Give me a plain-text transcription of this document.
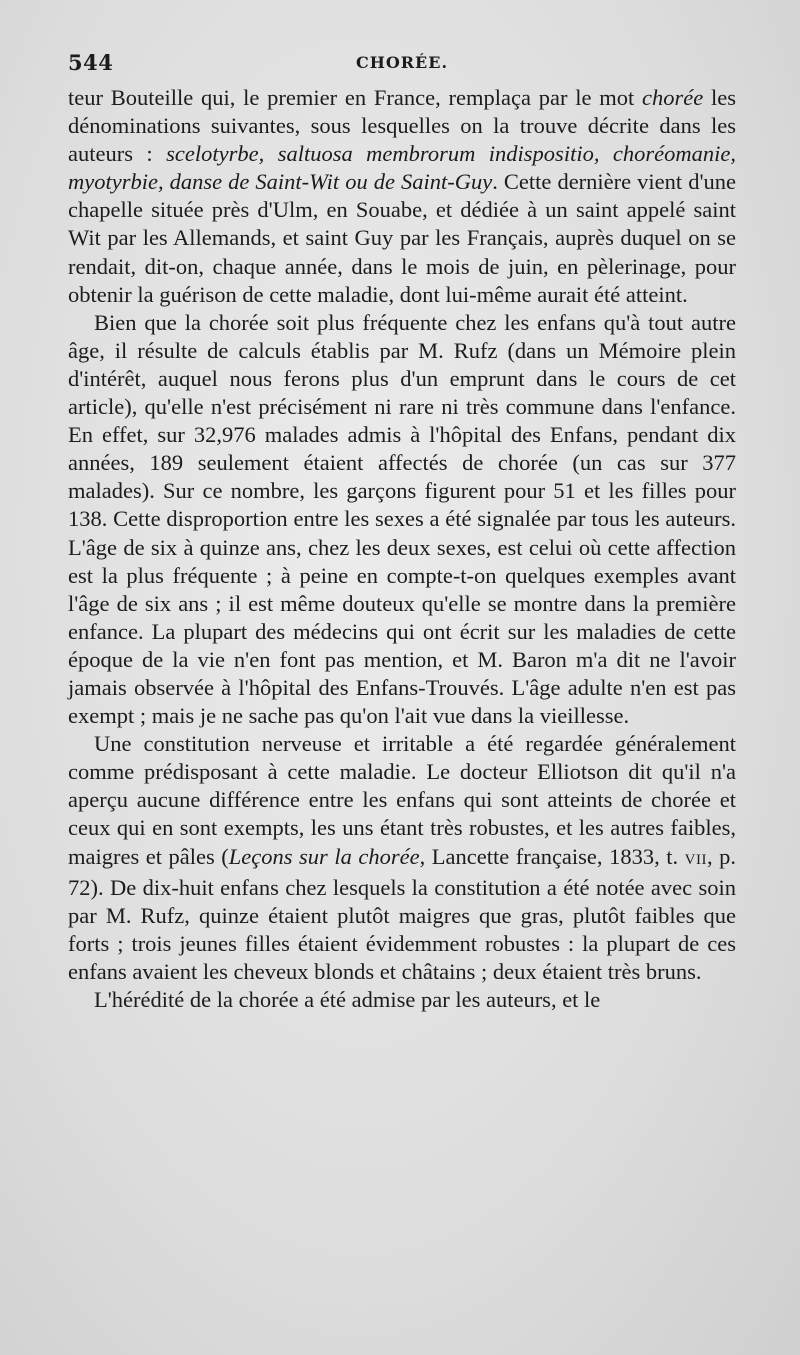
544	CHORÉE.

teur Bouteille qui, le premier en France, remplaça par le mot chorée les dénominations suivantes, sous lesquelles on la trouve décrite dans les auteurs : scelotyrbe, saltuosa membrorum indispositio, choréomanie, myotyrbie, danse de Saint-Wit ou de Saint-Guy. Cette dernière vient d'une chapelle située près d'Ulm, en Souabe, et dédiée à un saint appelé saint Wit par les Allemands, et saint Guy par les Français, auprès duquel on se rendait, dit-on, chaque année, dans le mois de juin, en pèlerinage, pour obtenir la guérison de cette maladie, dont lui-même aurait été atteint.

Bien que la chorée soit plus fréquente chez les enfans qu'à tout autre âge, il résulte de calculs établis par M. Rufz (dans un Mémoire plein d'intérêt, auquel nous ferons plus d'un emprunt dans le cours de cet article), qu'elle n'est précisément ni rare ni très commune dans l'enfance. En effet, sur 32,976 malades admis à l'hôpital des Enfans, pendant dix années, 189 seulement étaient affectés de chorée (un cas sur 377 malades). Sur ce nombre, les garçons figurent pour 51 et les filles pour 138. Cette disproportion entre les sexes a été signalée par tous les auteurs. L'âge de six à quinze ans, chez les deux sexes, est celui où cette affection est la plus fréquente ; à peine en compte-t-on quelques exemples avant l'âge de six ans ; il est même douteux qu'elle se montre dans la première enfance. La plupart des médecins qui ont écrit sur les maladies de cette époque de la vie n'en font pas mention, et M. Baron m'a dit ne l'avoir jamais observée à l'hôpital des Enfans-Trouvés. L'âge adulte n'en est pas exempt ; mais je ne sache pas qu'on l'ait vue dans la vieillesse.

Une constitution nerveuse et irritable a été regardée généralement comme prédisposant à cette maladie. Le docteur Elliotson dit qu'il n'a aperçu aucune différence entre les enfans qui sont atteints de chorée et ceux qui en sont exempts, les uns étant très robustes, et les autres faibles, maigres et pâles (Leçons sur la chorée, Lancette française, 1833, t. VII, p. 72). De dix-huit enfans chez lesquels la constitution a été notée avec soin par M. Rufz, quinze étaient plutôt maigres que gras, plutôt faibles que forts ; trois jeunes filles étaient évidemment robustes : la plupart de ces enfans avaient les cheveux blonds et châtains ; deux étaient très bruns.

L'hérédité de la chorée a été admise par les auteurs, et le
